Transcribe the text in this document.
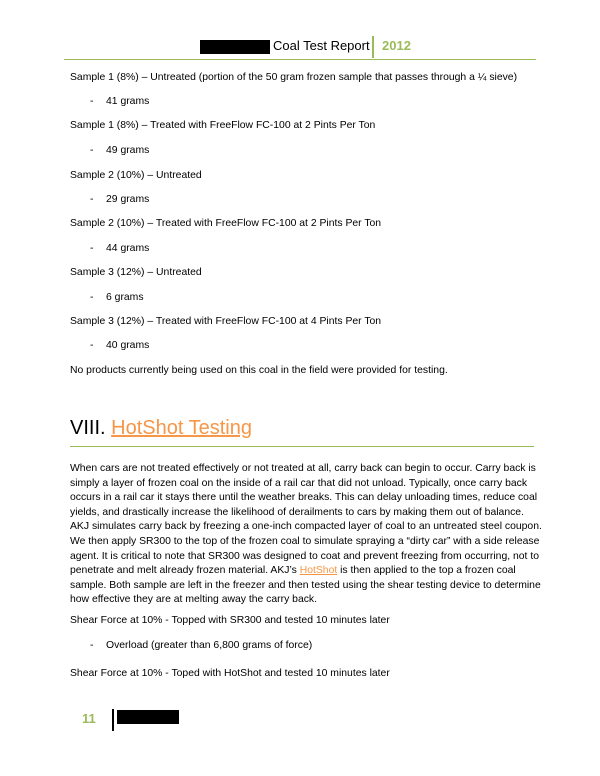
Coal Test Report 2012
Sample 1 (8%) – Untreated (portion of the 50 gram frozen sample that passes through a ¼ sieve)
- 41 grams
Sample 1 (8%) – Treated with FreeFlow FC-100 at 2 Pints Per Ton
- 49 grams
Sample 2 (10%) – Untreated
- 29 grams
Sample 2 (10%) – Treated with FreeFlow FC-100 at 2 Pints Per Ton
- 44 grams
Sample 3 (12%) – Untreated
- 6 grams
Sample 3 (12%) – Treated with FreeFlow FC-100 at 4 Pints Per Ton
- 40 grams
No products currently being used on this coal in the field were provided for testing.
VIII. HotShot Testing
When cars are not treated effectively or not treated at all, carry back can begin to occur. Carry back is simply a layer of frozen coal on the inside of a rail car that did not unload. Typically, once carry back occurs in a rail car it stays there until the weather breaks. This can delay unloading times, reduce coal yields, and drastically increase the likelihood of derailments to cars by making them out of balance. AKJ simulates carry back by freezing a one-inch compacted layer of coal to an untreated steel coupon. We then apply SR300 to the top of the frozen coal to simulate spraying a “dirty car” with a side release agent. It is critical to note that SR300 was designed to coat and prevent freezing from occurring, not to penetrate and melt already frozen material. AKJ’s HotShot is then applied to the top a frozen coal sample. Both sample are left in the freezer and then tested using the shear testing device to determine how effective they are at melting away the carry back.
Shear Force at 10% - Topped with SR300 and tested 10 minutes later
- Overload (greater than 6,800 grams of force)
Shear Force at 10% - Toped with HotShot and tested 10 minutes later
11
